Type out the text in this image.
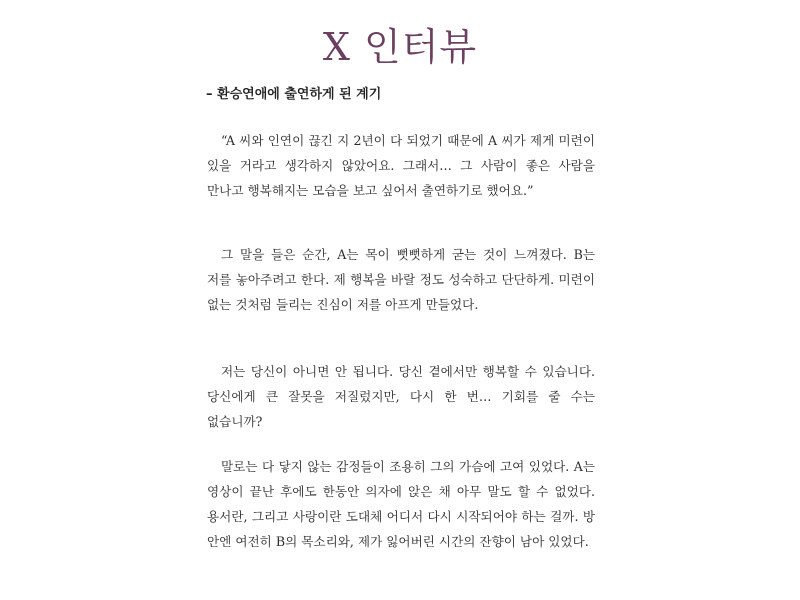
X 인터뷰
– 환승연애에 출연하게 된 계기

“A 씨와 인연이 끊긴 지 2년이 다 되었기 때문에 A 씨가 제게 미련이 있을 거라고 생각하지 않았어요. 그래서… 그 사람이 좋은 사람을 만나고 행복해지는 모습을 보고 싶어서 출연하기로 했어요.”

그 말을 들은 순간, A는 목이 뻣뻣하게 굳는 것이 느껴졌다. B는 저를 놓아주려고 한다. 제 행복을 바랄 정도 성숙하고 단단하게. 미련이 없는 것처럼 들리는 진심이 저를 아프게 만들었다.

저는 당신이 아니면 안 됩니다. 당신 곁에서만 행복할 수 있습니다. 당신에게 큰 잘못을 저질렀지만, 다시 한 번… 기회를 줄 수는 없습니까?

말로는 다 닿지 않는 감정들이 조용히 그의 가슴에 고여 있었다. A는 영상이 끝난 후에도 한동안 의자에 앉은 채 아무 말도 할 수 없었다. 용서란, 그리고 사랑이란 도대체 어디서 다시 시작되어야 하는 걸까. 방 안엔 여전히 B의 목소리와, 제가 잃어버린 시간의 잔향이 남아 있었다.
